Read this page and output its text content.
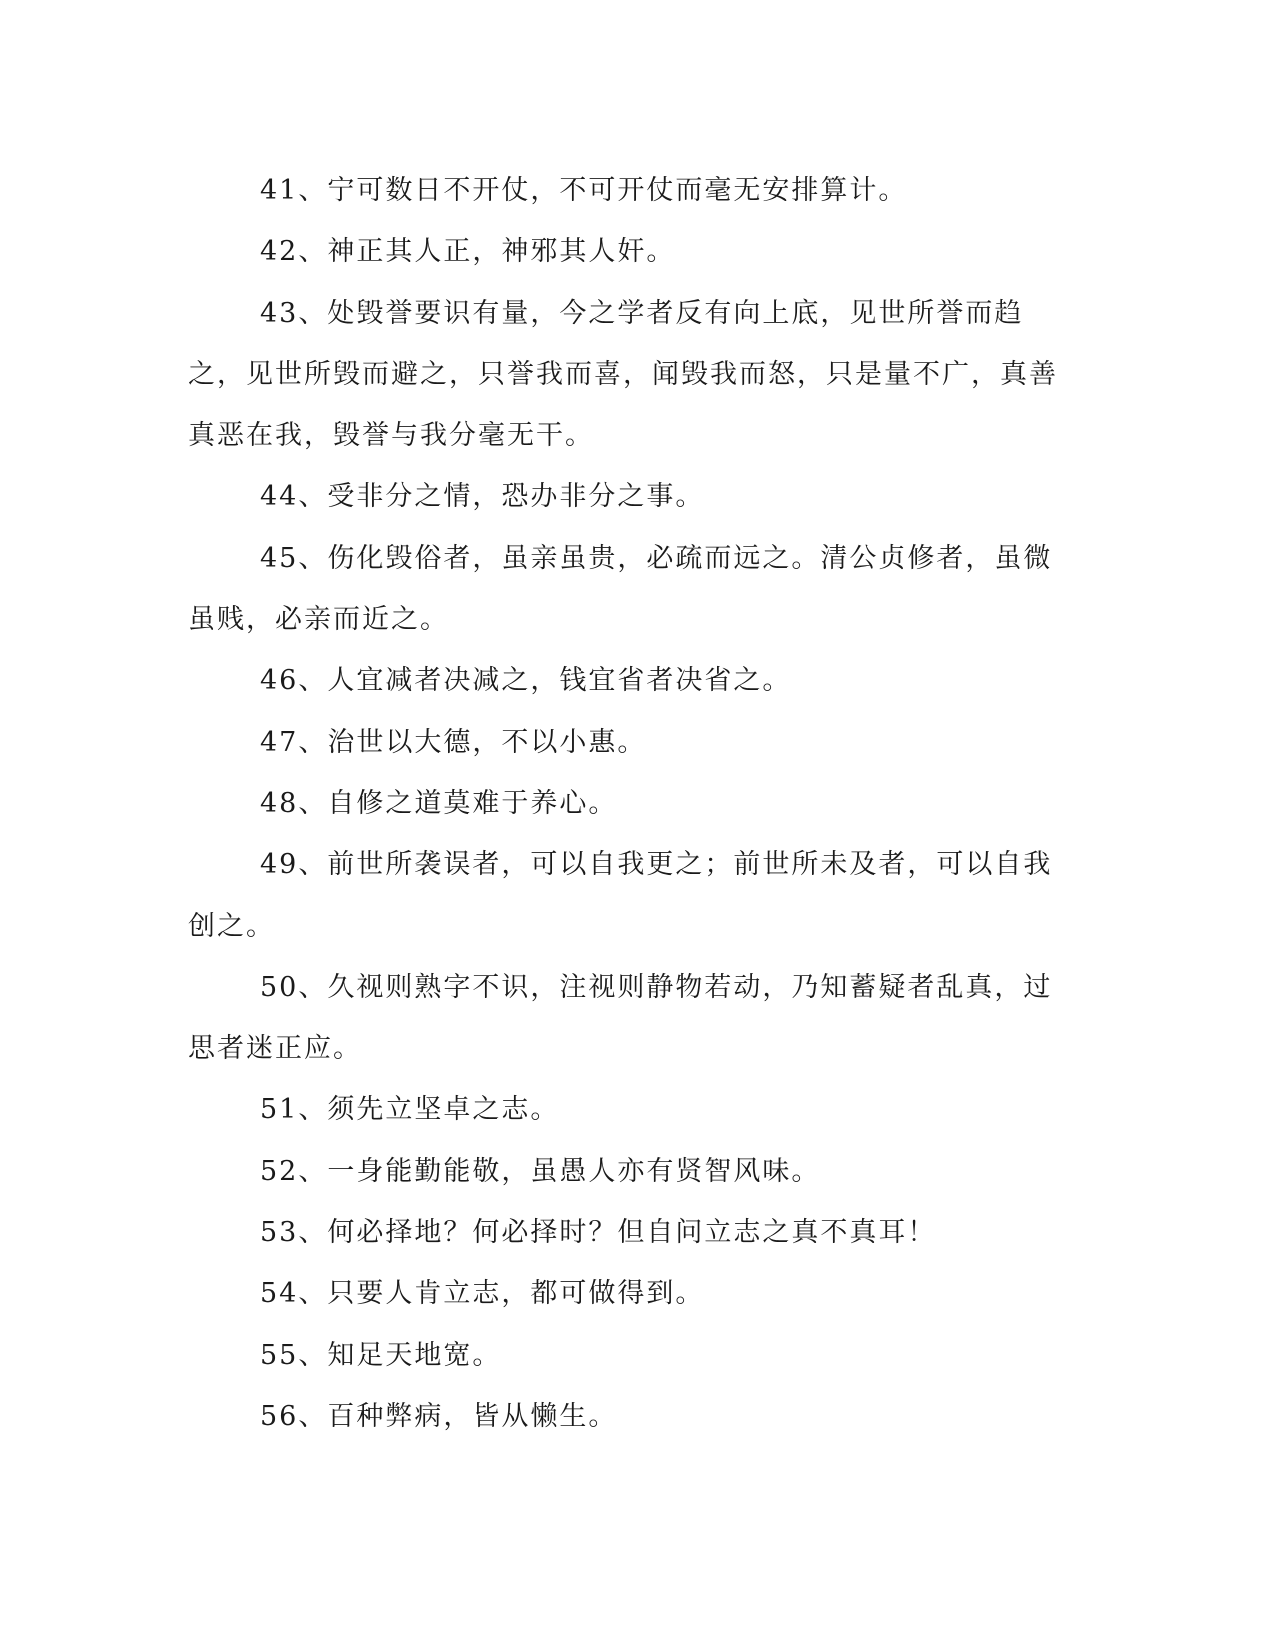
41、宁可数日不开仗，不可开仗而毫无安排算计。

42、神正其人正，神邪其人奸。

43、处毁誉要识有量，今之学者反有向上底，见世所誉而趋之，见世所毁而避之，只誉我而喜，闻毁我而怒，只是量不广，真善真恶在我，毁誉与我分毫无干。

44、受非分之情，恐办非分之事。

45、伤化毁俗者，虽亲虽贵，必疏而远之。清公贞修者，虽微虽贱，必亲而近之。

46、人宜减者决减之，钱宜省者决省之。

47、治世以大德，不以小惠。

48、自修之道莫难于养心。

49、前世所袭误者，可以自我更之；前世所未及者，可以自我创之。

50、久视则熟字不识，注视则静物若动，乃知蓄疑者乱真，过思者迷正应。

51、须先立坚卓之志。

52、一身能勤能敬，虽愚人亦有贤智风味。

53、何必择地？何必择时？但自问立志之真不真耳！

54、只要人肯立志，都可做得到。

55、知足天地宽。

56、百种弊病，皆从懒生。
